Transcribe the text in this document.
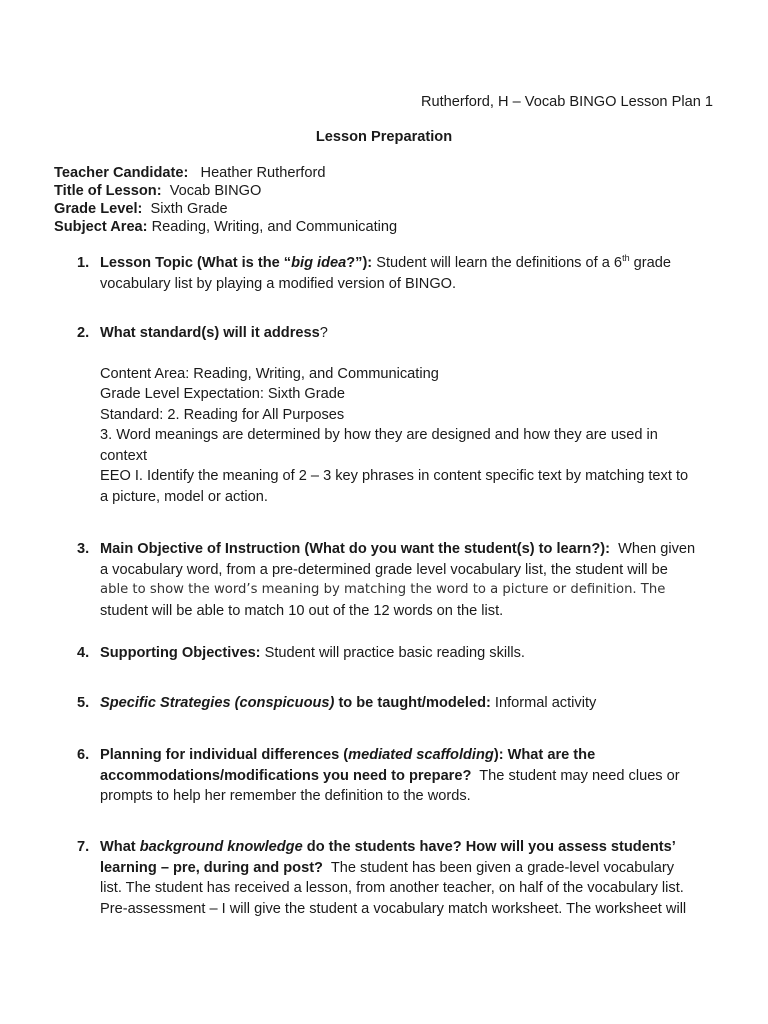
Rutherford, H – Vocab BINGO Lesson Plan 1
Lesson Preparation
Teacher Candidate: Heather Rutherford
Title of Lesson: Vocab BINGO
Grade Level: Sixth Grade
Subject Area: Reading, Writing, and Communicating
1. Lesson Topic (What is the “big idea?”): Student will learn the definitions of a 6th grade
vocabulary list by playing a modified version of BINGO.
2. What standard(s) will it address?
Content Area: Reading, Writing, and Communicating
Grade Level Expectation: Sixth Grade
Standard: 2. Reading for All Purposes
3. Word meanings are determined by how they are designed and how they are used in
context
EEO I. Identify the meaning of 2 – 3 key phrases in content specific text by matching text to
a picture, model or action.
3. Main Objective of Instruction (What do you want the student(s) to learn?): When given
a vocabulary word, from a pre-determined grade level vocabulary list, the student will be
able to show the word’s meaning by matching the word to a picture or definition. The
student will be able to match 10 out of the 12 words on the list.
4. Supporting Objectives: Student will practice basic reading skills.
5. Specific Strategies (conspicuous) to be taught/modeled: Informal activity
6. Planning for individual differences (mediated scaffolding): What are the
accommodations/modifications you need to prepare? The student may need clues or
prompts to help her remember the definition to the words.
7. What background knowledge do the students have? How will you assess students’
learning – pre, during and post? The student has been given a grade-level vocabulary
list. The student has received a lesson, from another teacher, on half of the vocabulary list.
Pre-assessment – I will give the student a vocabulary match worksheet. The worksheet will
